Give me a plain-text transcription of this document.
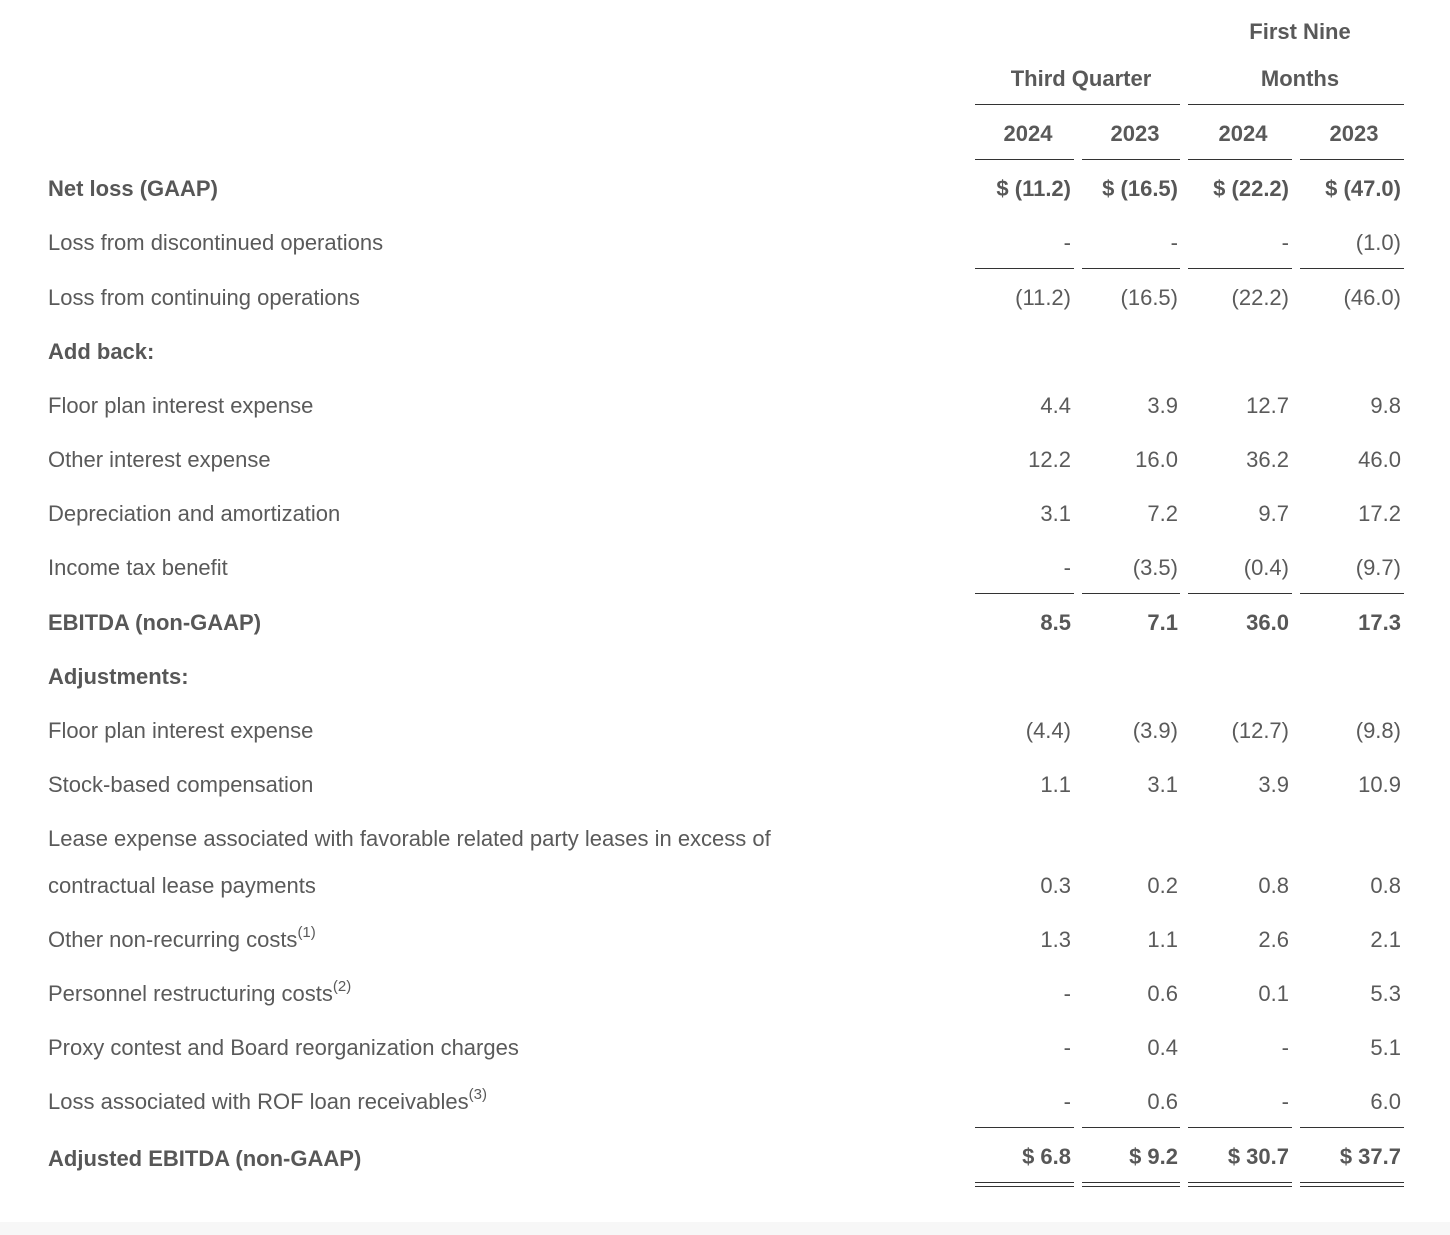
First Nine
Third Quarter	Months
2024	2023	2024	2023
Net loss (GAAP)	$ (11.2)	$ (16.5)	$ (22.2)	$ (47.0)
Loss from discontinued operations	-	-	-	(1.0)
Loss from continuing operations	(11.2)	(16.5)	(22.2)	(46.0)
Add back:
Floor plan interest expense	4.4	3.9	12.7	9.8
Other interest expense	12.2	16.0	36.2	46.0
Depreciation and amortization	3.1	7.2	9.7	17.2
Income tax benefit	-	(3.5)	(0.4)	(9.7)
EBITDA (non-GAAP)	8.5	7.1	36.0	17.3
Adjustments:
Floor plan interest expense	(4.4)	(3.9)	(12.7)	(9.8)
Stock-based compensation	1.1	3.1	3.9	10.9
Lease expense associated with favorable related party leases in excess of
contractual lease payments	0.3	0.2	0.8	0.8
Other non-recurring costs$^{(1)}$	1.3	1.1	2.6	2.1
Personnel restructuring costs$^{(2)}$	-	0.6	0.1	5.3
Proxy contest and Board reorganization charges	-	0.4	-	5.1
Loss associated with ROF loan receivables$^{(3)}$	-	0.6	-	6.0
Adjusted EBITDA (non-GAAP)	$ 6.8	$ 9.2	$ 30.7	$ 37.7
